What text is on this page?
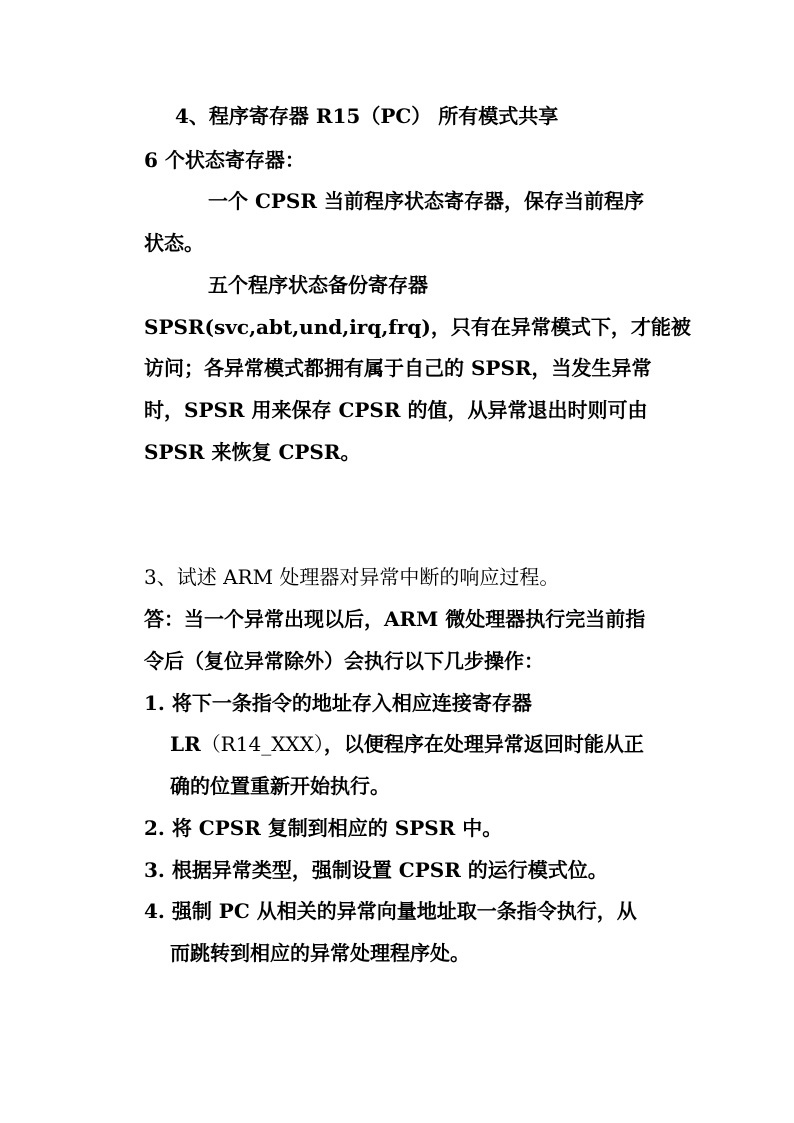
4、程序寄存器 R15（PC） 所有模式共享
6 个状态寄存器：
一个 CPSR 当前程序状态寄存器，保存当前程序
状态。
五个程序状态备份寄存器
SPSR(svc,abt,und,irq,frq)，只有在异常模式下，才能被
访问；各异常模式都拥有属于自己的 SPSR，当发生异常
时，SPSR 用来保存 CPSR 的值，从异常退出时则可由
SPSR 来恢复 CPSR。
3、试述 ARM 处理器对异常中断的响应过程。
答：当一个异常出现以后，ARM 微处理器执行完当前指
令后（复位异常除外）会执行以下几步操作：
1. 将下一条指令的地址存入相应连接寄存器
LR（R14_XXX），以便程序在处理异常返回时能从正
确的位置重新开始执行。
2. 将 CPSR 复制到相应的 SPSR 中。
3. 根据异常类型，强制设置 CPSR 的运行模式位。
4. 强制 PC 从相关的异常向量地址取一条指令执行，从
而跳转到相应的异常处理程序处。
